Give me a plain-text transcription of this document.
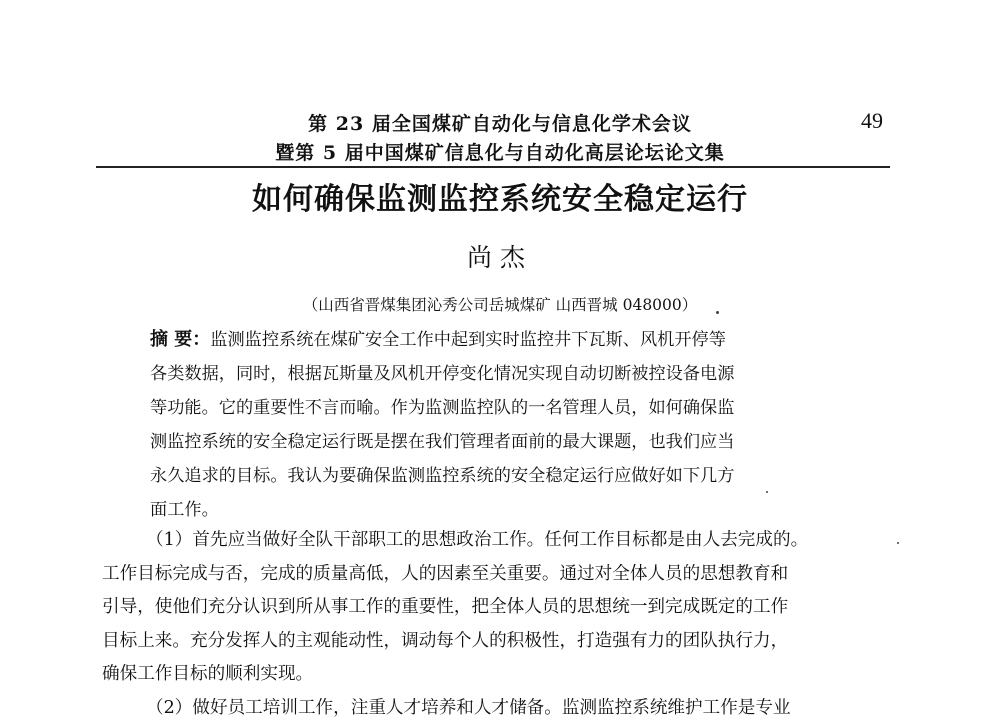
第 23 届全国煤矿自动化与信息化学术会议
暨第 5 届中国煤矿信息化与自动化高层论坛论文集
49
如何确保监测监控系统安全稳定运行
尚杰
（山西省晋煤集团沁秀公司岳城煤矿 山西晋城 048000）
摘 要：监测监控系统在煤矿安全工作中起到实时监控井下瓦斯、风机开停等
各类数据，同时，根据瓦斯量及风机开停变化情况实现自动切断被控设备电源
等功能。它的重要性不言而喻。作为监测监控队的一名管理人员，如何确保监
测监控系统的安全稳定运行既是摆在我们管理者面前的最大课题，也我们应当
永久追求的目标。我认为要确保监测监控系统的安全稳定运行应做好如下几方
面工作。
（1）首先应当做好全队干部职工的思想政治工作。任何工作目标都是由人去完成的。
工作目标完成与否，完成的质量高低，人的因素至关重要。通过对全体人员的思想教育和
引导，使他们充分认识到所从事工作的重要性，把全体人员的思想统一到完成既定的工作
目标上来。充分发挥人的主观能动性，调动每个人的积极性，打造强有力的团队执行力，
确保工作目标的顺利实现。
（2）做好员工培训工作，注重人才培养和人才储备。监测监控系统维护工作是专业
